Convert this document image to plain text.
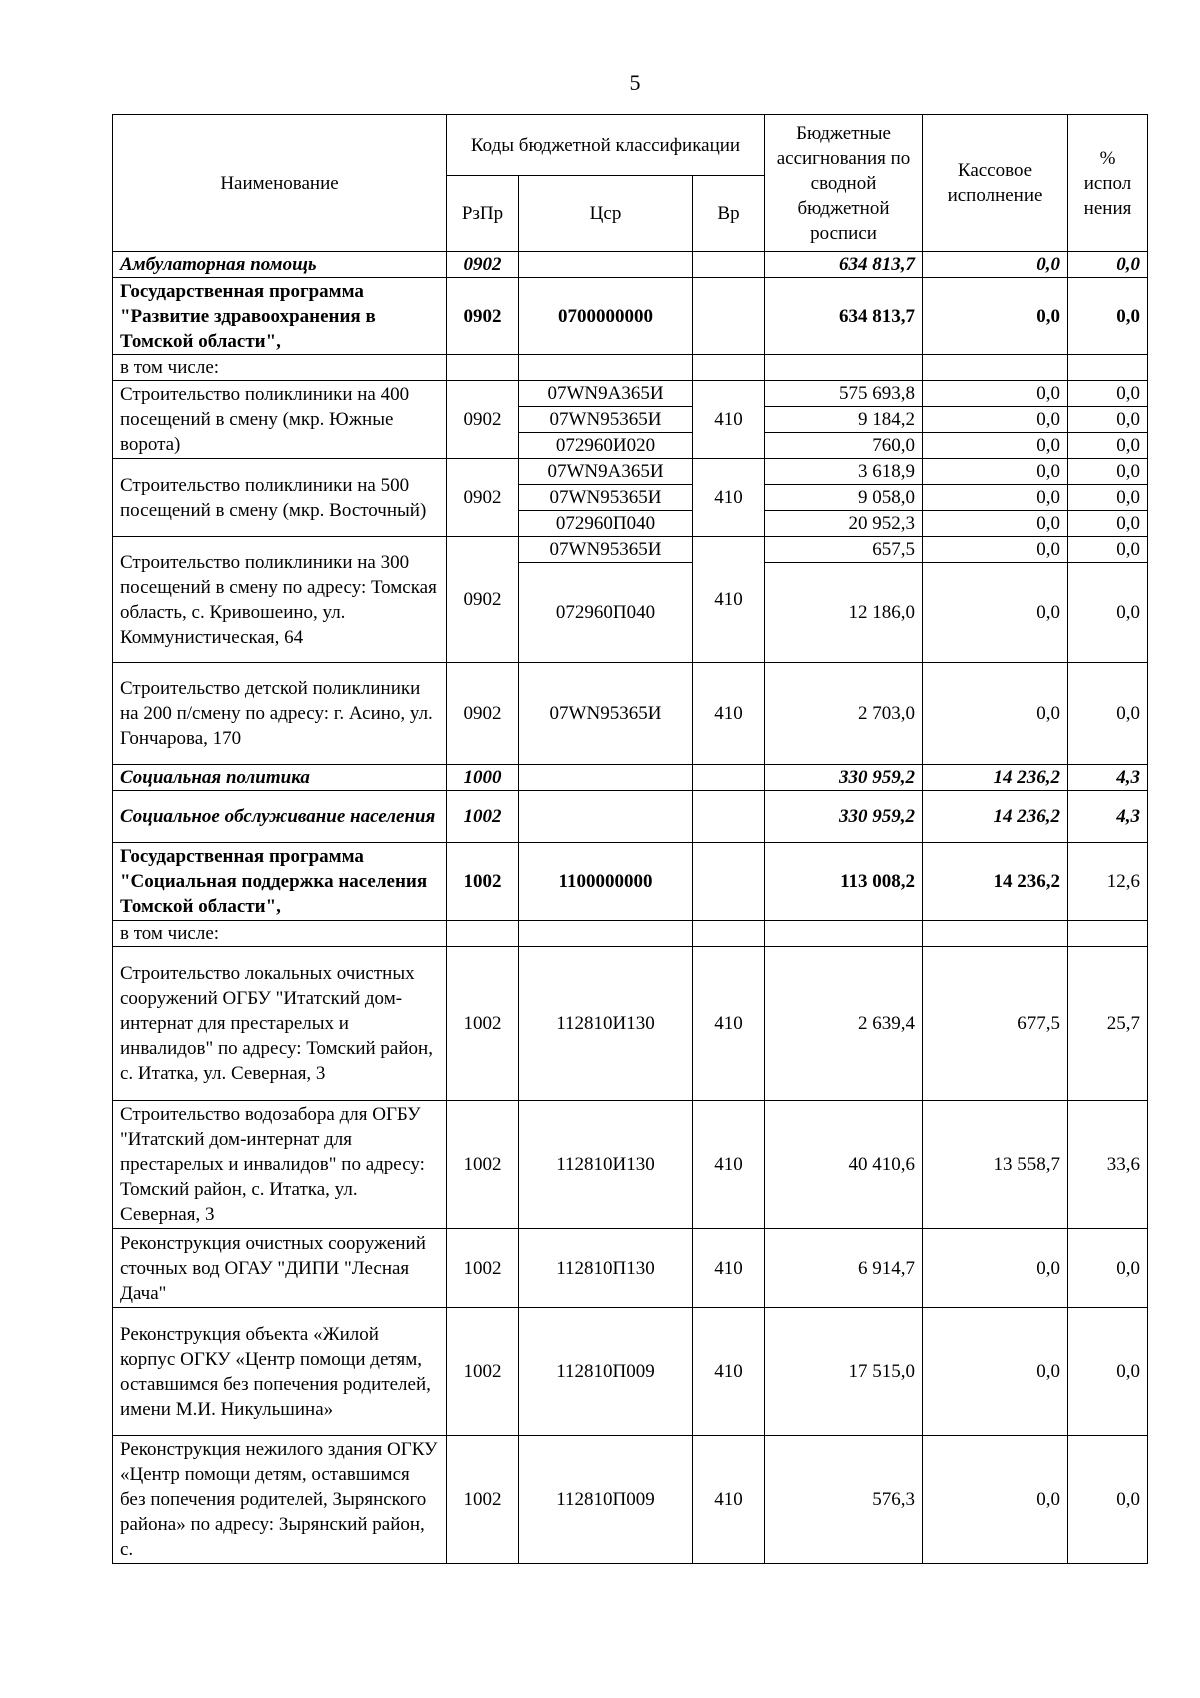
5
Наименование	Коды бюджетной классификации			Бюджетные ассигнования по сводной бюджетной росписи	Кассовое исполнение	% испол нения
	РзПр	Цср	Вр			
Амбулаторная помощь	0902			634 813,7	0,0	0,0
Государственная программа "Развитие здравоохранения в Томской области",	0902	0700000000		634 813,7	0,0	0,0
в том числе:						
Строительство поликлиники на 400 посещений в смену (мкр. Южные ворота)	0902	07WN9А365И	410	575 693,8	0,0	0,0
		07WN95365И		9 184,2	0,0	0,0
		072960И020		760,0	0,0	0,0
Строительство поликлиники на 500 посещений в смену (мкр. Восточный)	0902	07WN9А365И	410	3 618,9	0,0	0,0
		07WN95365И		9 058,0	0,0	0,0
		072960П040		20 952,3	0,0	0,0
Строительство поликлиники на 300 посещений в смену по адресу: Томская область, с. Кривошеино, ул. Коммунистическая, 64	0902	07WN95365И	410	657,5	0,0	0,0
		072960П040		12 186,0	0,0	0,0
Строительство детской поликлиники на 200 п/смену по адресу: г. Асино, ул. Гончарова, 170	0902	07WN95365И	410	2 703,0	0,0	0,0
Социальная политика	1000			330 959,2	14 236,2	4,3
Социальное обслуживание населения	1002			330 959,2	14 236,2	4,3
Государственная программа "Социальная поддержка населения Томской области",	1002	1100000000		113 008,2	14 236,2	12,6
в том числе:						
Строительство локальных очистных сооружений ОГБУ "Итатский дом-интернат для престарелых и инвалидов" по адресу: Томский район, с. Итатка, ул. Северная, 3	1002	112810И130	410	2 639,4	677,5	25,7
Строительство водозабора для ОГБУ "Итатский дом-интернат для престарелых и инвалидов" по адресу: Томский район, с. Итатка, ул. Северная, 3	1002	112810И130	410	40 410,6	13 558,7	33,6
Реконструкция очистных сооружений сточных вод ОГАУ "ДИПИ "Лесная Дача"	1002	112810П130	410	6 914,7	0,0	0,0
Реконструкция объекта «Жилой корпус ОГКУ «Центр помощи детям, оставшимся без попечения родителей, имени М.И. Никульшина»	1002	112810П009	410	17 515,0	0,0	0,0
Реконструкция нежилого здания ОГКУ «Центр помощи детям, оставшимся без попечения родителей, Зырянского района» по адресу: Зырянский район, с.	1002	112810П009	410	576,3	0,0	0,0
